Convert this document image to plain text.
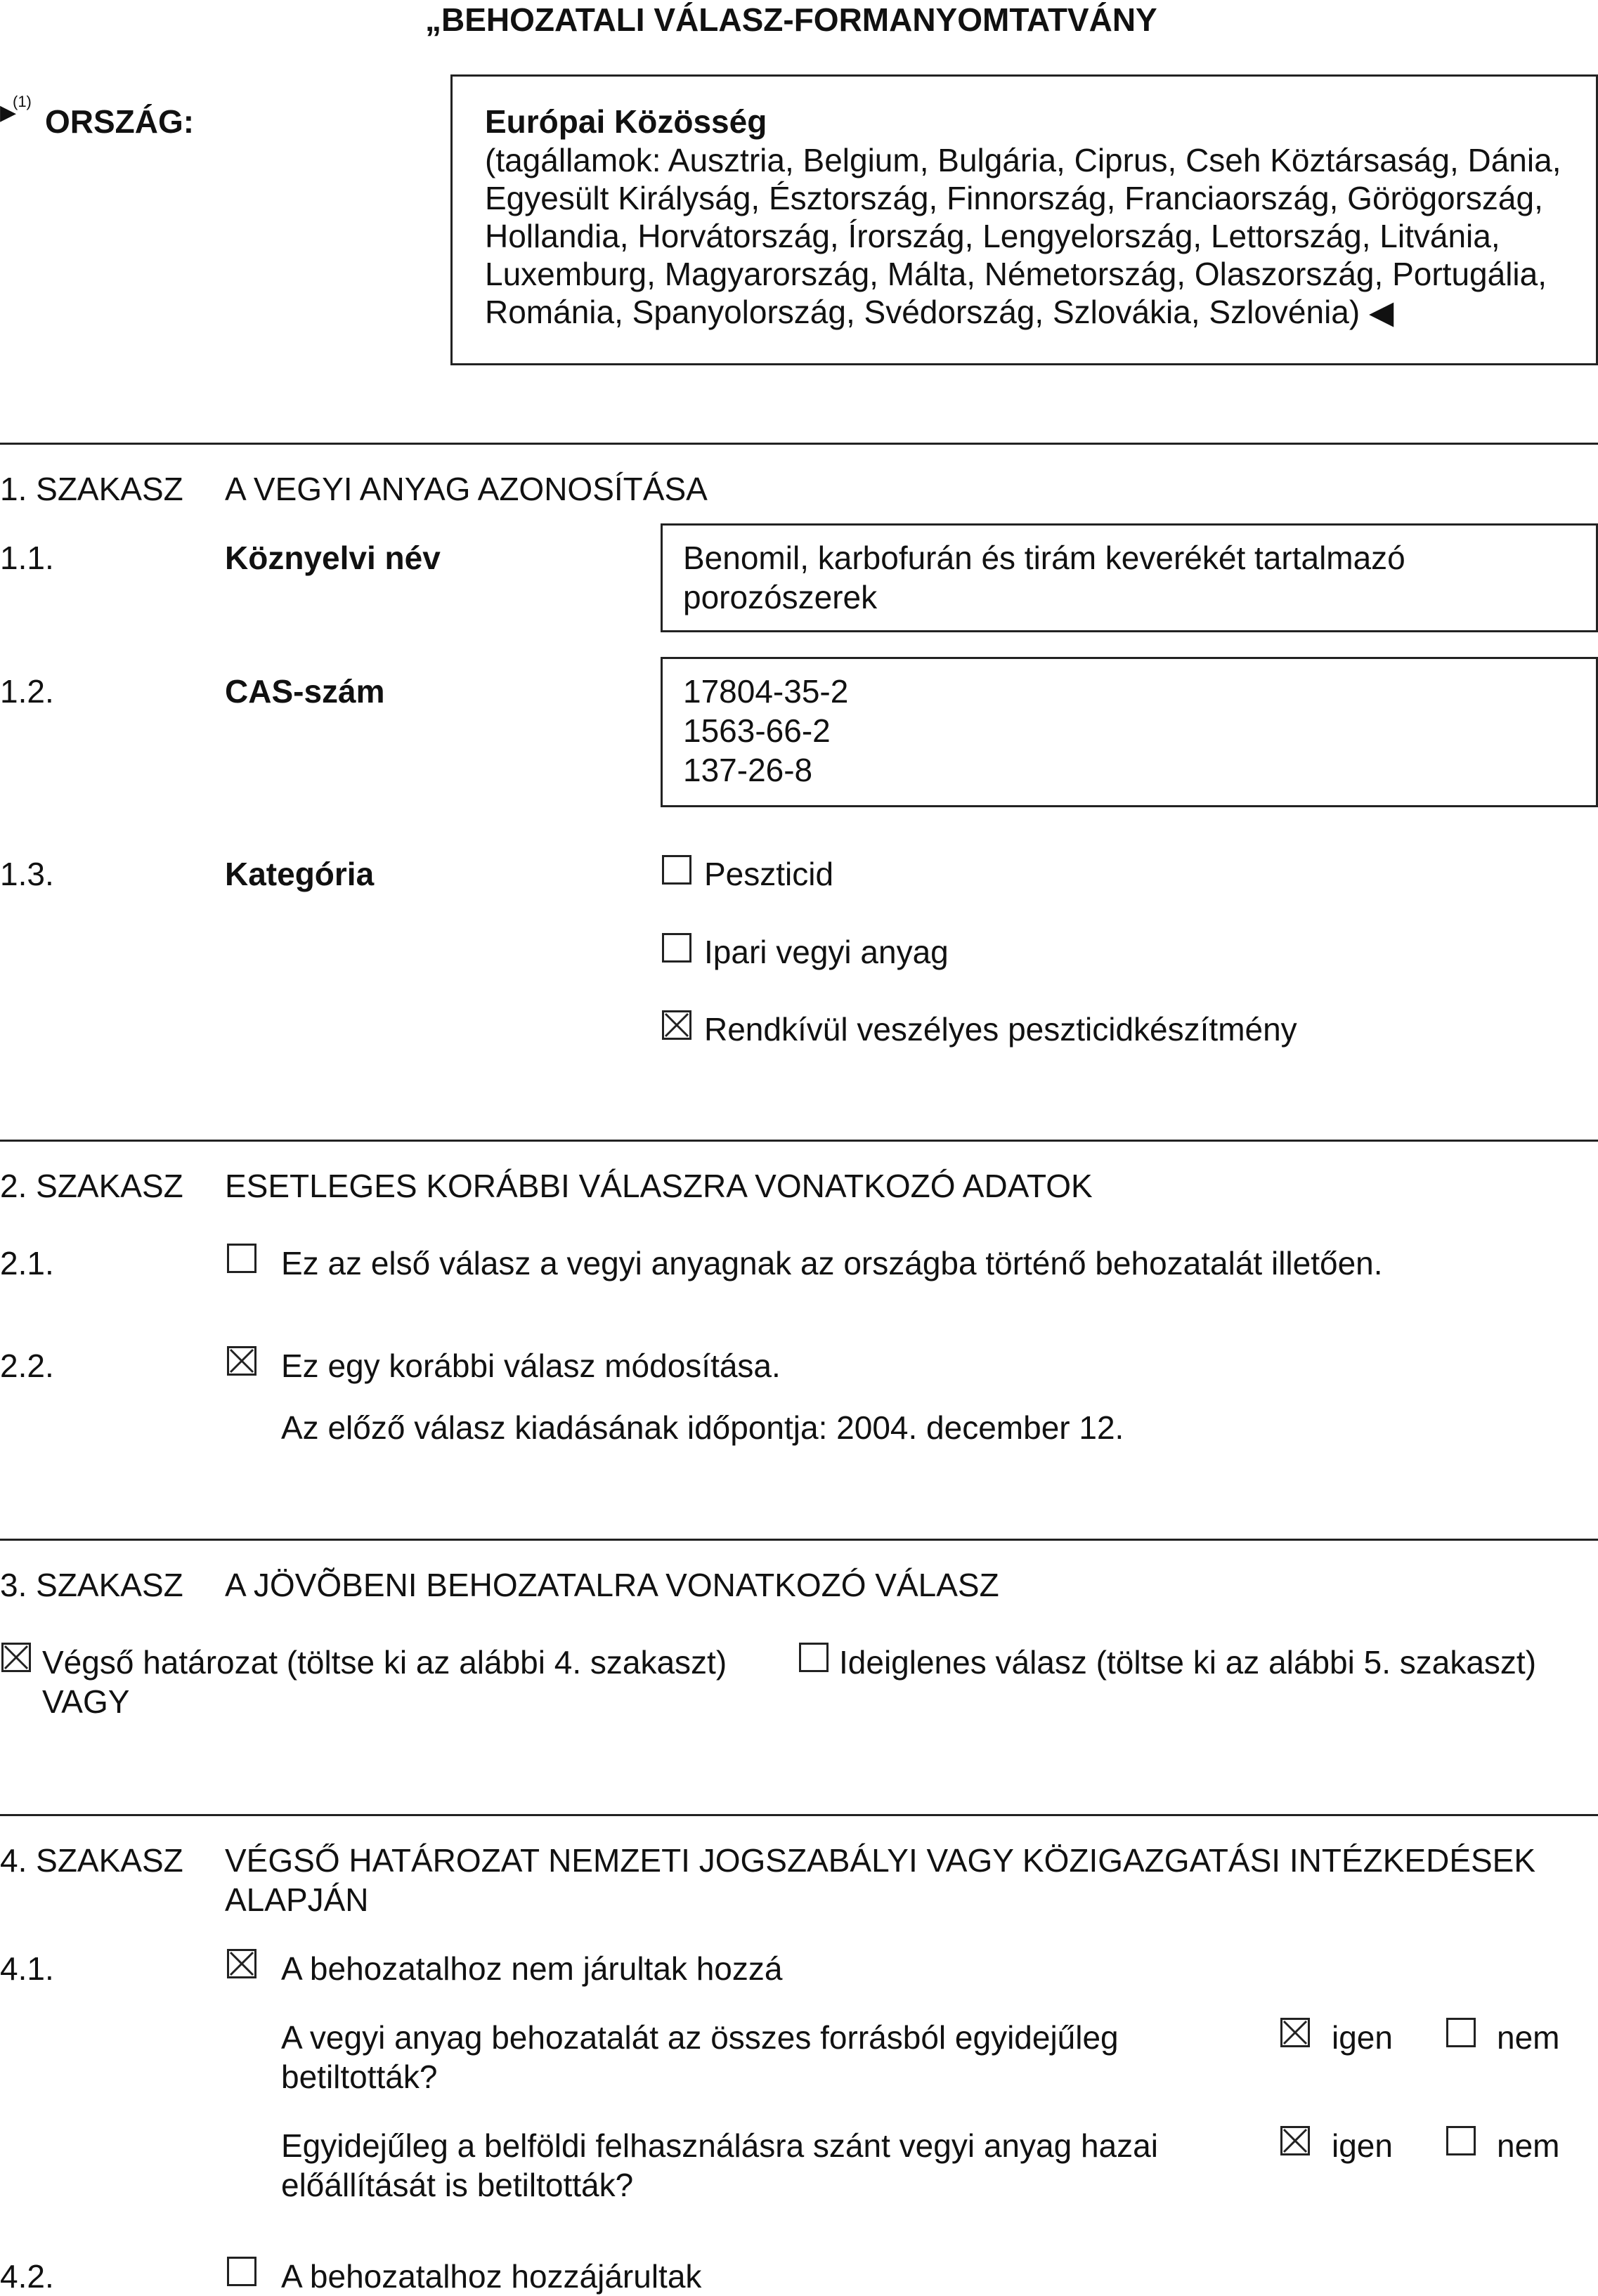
„BEHOZATALI VÁLASZ-FORMANYOMTATVÁNY
▶
(1)
ORSZÁG:	Európai Közösség
(tagállamok: Ausztria, Belgium, Bulgária, Ciprus, Cseh Köztársaság, Dánia,
Egyesült Királyság, Észtország, Finnország, Franciaország, Görögország,
Hollandia, Horvátország, Írország, Lengyelország, Lettország, Litvánia,
Luxemburg, Magyarország, Málta, Németország, Olaszország, Portugália,
Románia, Spanyolország, Svédország, Szlovákia, Szlovénia) ◀
1. SZAKASZ A VEGYI ANYAG AZONOSÍTÁSA
1.1.	Köznyelvi név	Benomil, karbofurán és tirám keverékét tartalmazó
porozószerek
1.2.	CAS-szám	17804-35-2
1563-66-2
137-26-8
1.3.	Kategória	Peszticid
Ipari vegyi anyag
Rendkívül veszélyes peszticidkészítmény
2. SZAKASZ ESETLEGES KORÁBBI VÁLASZRA VONATKOZÓ ADATOK
2.1.	Ez az első válasz a vegyi anyagnak az országba történő behozatalát illetően.
2.2.	Ez egy korábbi válasz módosítása.
Az előző válasz kiadásának időpontja: 2004. december 12.
3. SZAKASZ A JÖVÕBENI BEHOZATALRA VONATKOZÓ VÁLASZ
Végső határozat (töltse ki az alábbi 4. szakaszt)
VAGY
Ideiglenes válasz (töltse ki az alábbi 5. szakaszt)
4. SZAKASZ VÉGSŐ HATÁROZAT NEMZETI JOGSZABÁLYI VAGY KÖZIGAZGATÁSI INTÉZKEDÉSEK
ALAPJÁN
4.1.	A behozatalhoz nem járultak hozzá
A vegyi anyag behozatalát az összes forrásból egyidejűleg
betiltották?
igen	nem
Egyidejűleg a belföldi felhasználásra szánt vegyi anyag hazai
előállítását is betiltották?
igen	nem
4.2.	A behozatalhoz hozzájárultak
